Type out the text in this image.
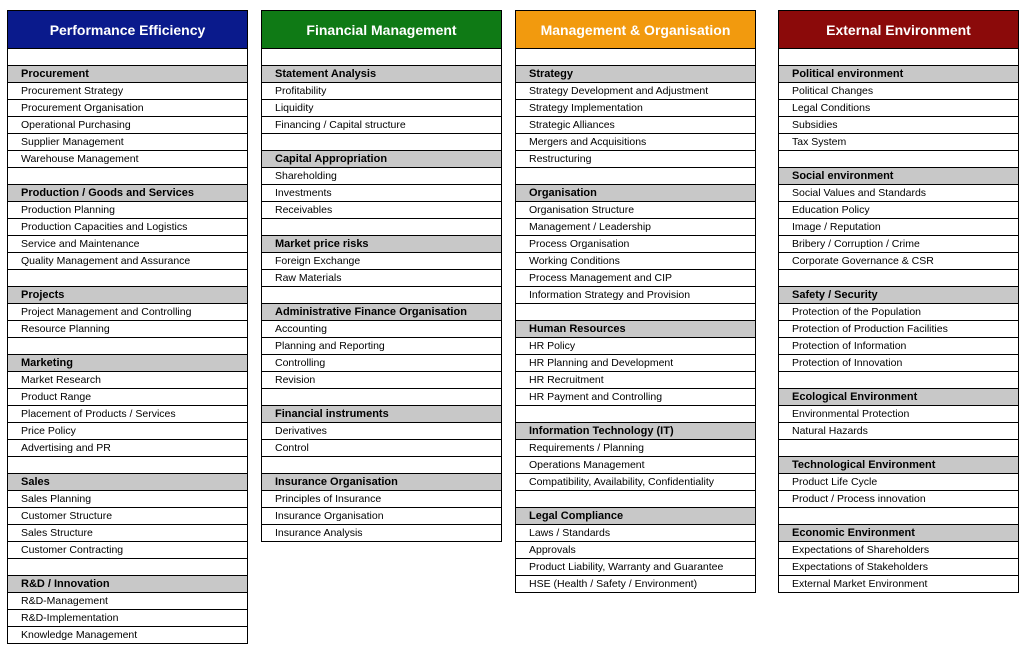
Performance Efficiency
Procurement
Procurement Strategy
Procurement Organisation
Operational Purchasing
Supplier Management
Warehouse Management
Production / Goods and Services
Production Planning
Production Capacities and Logistics
Service and Maintenance
Quality Management and Assurance
Projects
Project Management and Controlling
Resource Planning
Marketing
Market Research
Product Range
Placement of Products / Services
Price Policy
Advertising and PR
Sales
Sales Planning
Customer Structure
Sales Structure
Customer Contracting
R&D / Innovation
R&D-Management
R&D-Implementation
Knowledge Management
Financial Management
Statement Analysis
Profitability
Liquidity
Financing / Capital structure
Capital Appropriation
Shareholding
Investments
Receivables
Market price risks
Foreign Exchange
Raw Materials
Administrative Finance Organisation
Accounting
Planning and Reporting
Controlling
Revision
Financial instruments
Derivatives
Control
Insurance Organisation
Principles of Insurance
Insurance Organisation
Insurance Analysis
Management & Organisation
Strategy
Strategy Development and Adjustment
Strategy Implementation
Strategic Alliances
Mergers and Acquisitions
Restructuring
Organisation
Organisation Structure
Management / Leadership
Process Organisation
Working Conditions
Process Management and CIP
Information Strategy and Provision
Human Resources
HR Policy
HR Planning and Development
HR Recruitment
HR Payment and Controlling
Information Technology (IT)
Requirements / Planning
Operations Management
Compatibility, Availability, Confidentiality
Legal Compliance
Laws / Standards
Approvals
Product Liability, Warranty and Guarantee
HSE (Health / Safety / Environment)
External Environment
Political environment
Political Changes
Legal Conditions
Subsidies
Tax System
Social environment
Social Values and Standards
Education Policy
Image / Reputation
Bribery / Corruption / Crime
Corporate Governance & CSR
Safety / Security
Protection of the Population
Protection of Production Facilities
Protection of Information
Protection of Innovation
Ecological Environment
Environmental Protection
Natural Hazards
Technological Environment
Product Life Cycle
Product / Process innovation
Economic Environment
Expectations of Shareholders
Expectations of Stakeholders
External Market Environment
